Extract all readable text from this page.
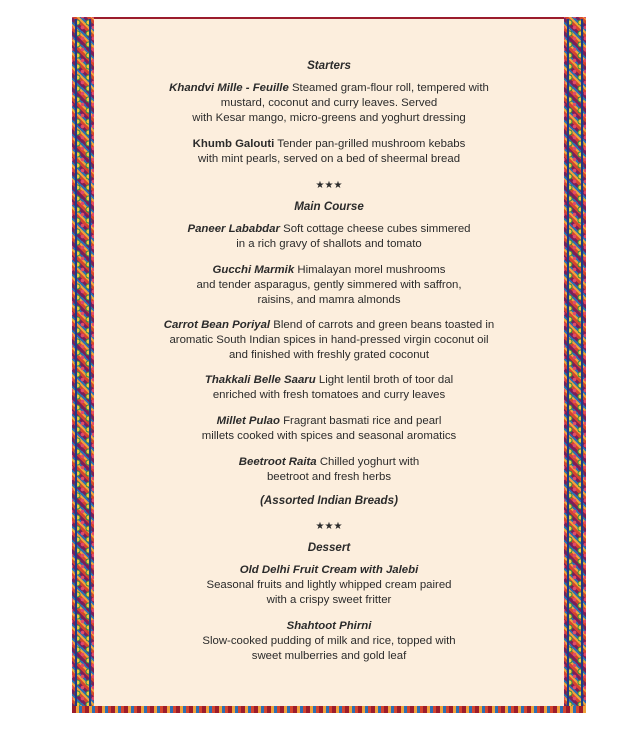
Starters
Khandvi Mille - Feuille Steamed gram-flour roll, tempered with
mustard, coconut and curry leaves. Served
with Kesar mango, micro-greens and yoghurt dressing
Khumb Galouti Tender pan-grilled mushroom kebabs
with mint pearls, served on a bed of sheermal bread
★★★
Main Course
Paneer Lababdar Soft cottage cheese cubes simmered
in a rich gravy of shallots and tomato
Gucchi Marmik Himalayan morel mushrooms
and tender asparagus, gently simmered with saffron,
raisins, and mamra almonds
Carrot Bean Poriyal Blend of carrots and green beans toasted in
aromatic South Indian spices in hand-pressed virgin coconut oil
and finished with freshly grated coconut
Thakkali Belle Saaru Light lentil broth of toor dal
enriched with fresh tomatoes and curry leaves
Millet Pulao Fragrant basmati rice and pearl
millets cooked with spices and seasonal aromatics
Beetroot Raita Chilled yoghurt with
beetroot and fresh herbs
(Assorted Indian Breads)
★★★
Dessert
Old Delhi Fruit Cream with Jalebi
Seasonal fruits and lightly whipped cream paired
with a crispy sweet fritter
Shahtoot Phirni
Slow-cooked pudding of milk and rice, topped with
sweet mulberries and gold leaf
